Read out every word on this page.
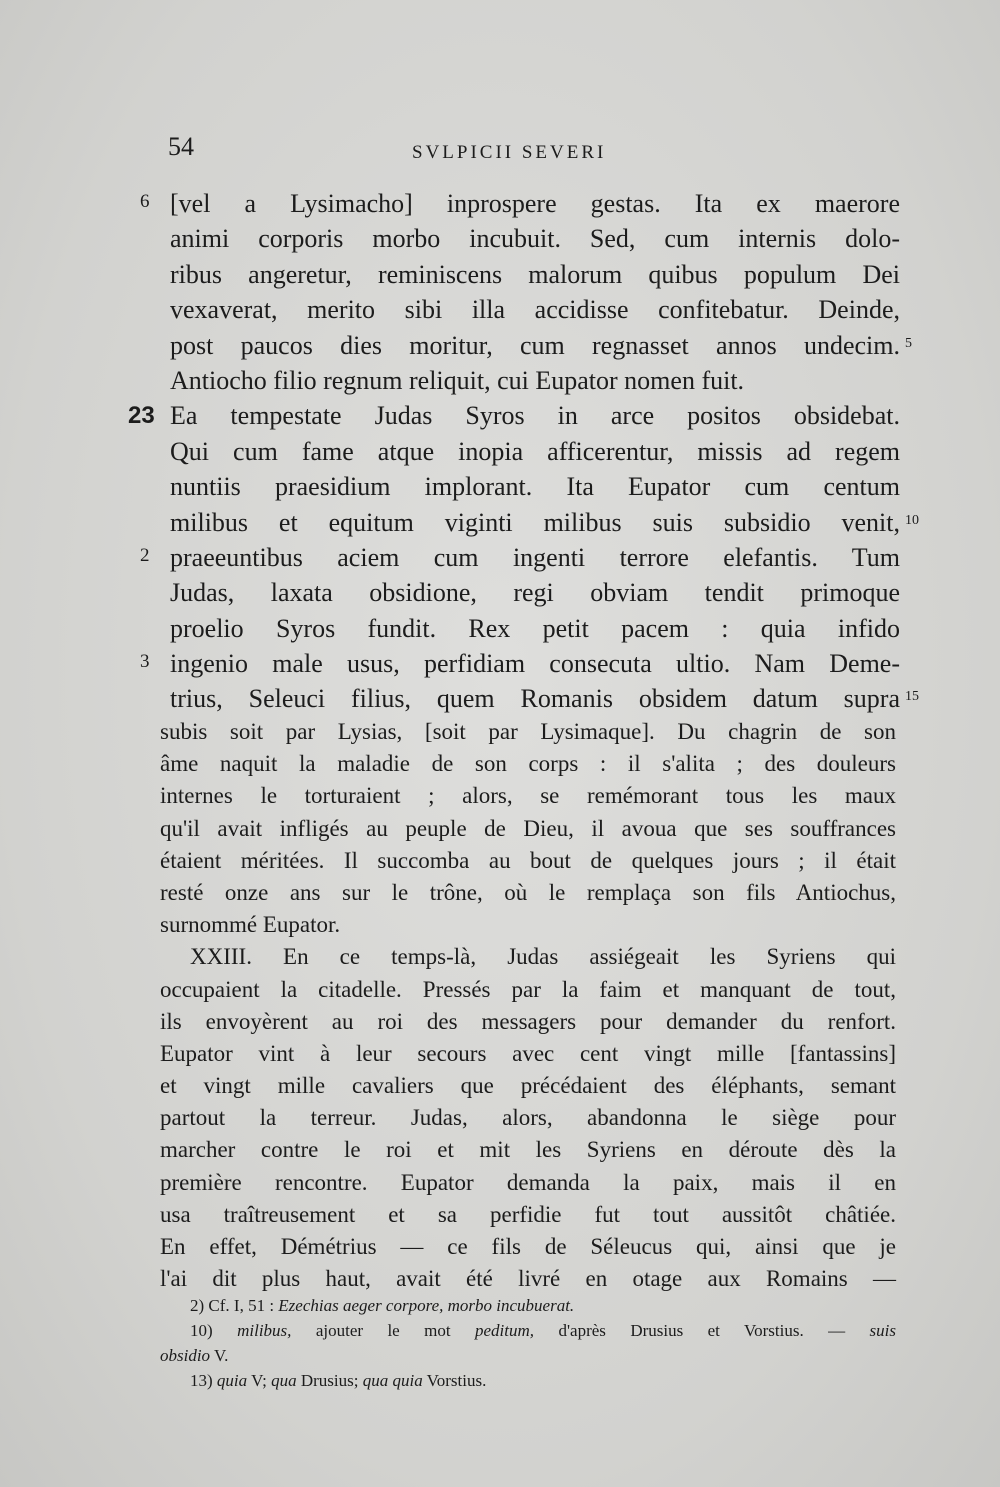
54	SVLPICII SEVERI
6 [vel a Lysimacho] inprospere gestas. Ita ex maerore
animi corporis morbo incubuit. Sed, cum internis dolo-
ribus angeretur, reminiscens malorum quibus populum Dei
vexaverat, merito sibi illa accidisse confitebatur. Deinde,
post paucos dies moritur, cum regnasset annos undecim. 5
Antiocho filio regnum reliquit, cui Eupator nomen fuit.
23 Ea tempestate Judas Syros in arce positos obsidebat.
Qui cum fame atque inopia afficerentur, missis ad regem
nuntiis praesidium implorant. Ita Eupator cum centum
milibus et equitum viginti milibus suis subsidio venit, 10
2 praeeuntibus aciem cum ingenti terrore elefantis. Tum
Judas, laxata obsidione, regi obviam tendit primoque
proelio Syros fundit. Rex petit pacem : quia infido
3 ingenio male usus, perfidiam consecuta ultio. Nam Deme-
trius, Seleuci filius, quem Romanis obsidem datum supra 15
subis soit par Lysias, [soit par Lysimaque]. Du chagrin de son
âme naquit la maladie de son corps : il s'alita ; des douleurs
internes le torturaient ; alors, se remémorant tous les maux
qu'il avait infligés au peuple de Dieu, il avoua que ses souffrances
étaient méritées. Il succomba au bout de quelques jours ; il était
resté onze ans sur le trône, où le remplaça son fils Antiochus,
surnommé Eupator.
XXIII. En ce temps-là, Judas assiégeait les Syriens qui
occupaient la citadelle. Pressés par la faim et manquant de tout,
ils envoyèrent au roi des messagers pour demander du renfort.
Eupator vint à leur secours avec cent vingt mille [fantassins]
et vingt mille cavaliers que précédaient des éléphants, semant
partout la terreur. Judas, alors, abandonna le siège pour
marcher contre le roi et mit les Syriens en déroute dès la
première rencontre. Eupator demanda la paix, mais il en
usa traîtreusement et sa perfidie fut tout aussitôt châtiée.
En effet, Démétrius — ce fils de Séleucus qui, ainsi que je
l'ai dit plus haut, avait été livré en otage aux Romains —
2) Cf. I, 51 : Ezechias aeger corpore, morbo incubuerat.
10) milibus, ajouter le mot peditum, d'après Drusius et Vorstius. — suis
obsidio V.
13) quia V; qua Drusius; qua quia Vorstius.
